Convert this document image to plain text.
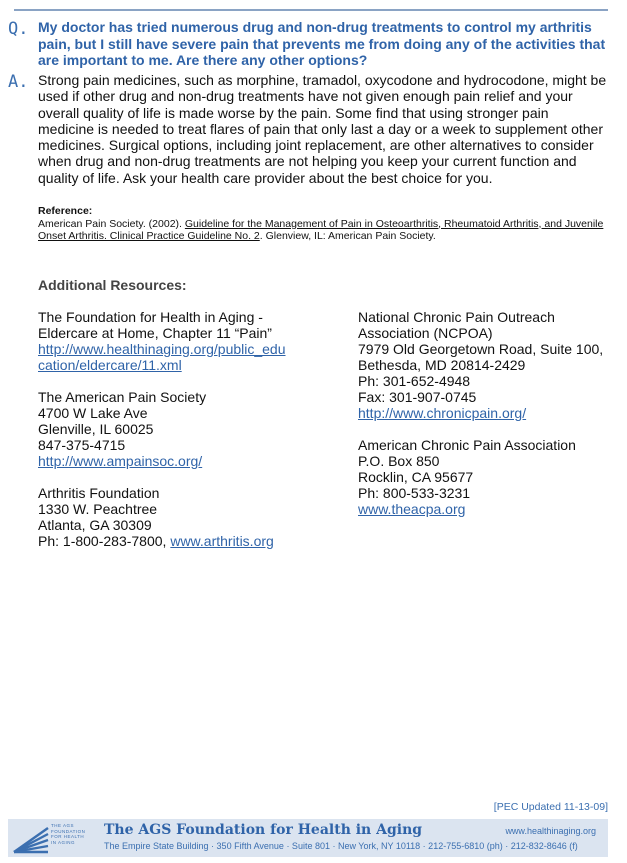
Q. My doctor has tried numerous drug and non-drug treatments to control my arthritis pain, but I still have severe pain that prevents me from doing any of the activities that are important to me. Are there any other options?
A. Strong pain medicines, such as morphine, tramadol, oxycodone and hydrocodone, might be used if other drug and non-drug treatments have not given enough pain relief and your overall quality of life is made worse by the pain. Some find that using stronger pain medicine is needed to treat flares of pain that only last a day or a week to supplement other medicines. Surgical options, including joint replacement, are other alternatives to consider when drug and non-drug treatments are not helping you keep your current function and quality of life. Ask your health care provider about the best choice for you.
Reference:
American Pain Society. (2002). Guideline for the Management of Pain in Osteoarthritis, Rheumatoid Arthritis, and Juvenile Onset Arthritis. Clinical Practice Guideline No. 2. Glenview, IL: American Pain Society.
Additional Resources:

The Foundation for Health in Aging -
Eldercare at Home, Chapter 11 “Pain”
http://www.healthinaging.org/public_edu
cation/eldercare/11.xml

The American Pain Society
4700 W Lake Ave
Glenville, IL 60025
847-375-4715
http://www.ampainsoc.org/

Arthritis Foundation
1330 W. Peachtree
Atlanta, GA 30309
Ph: 1-800-283-7800, www.arthritis.org

National Chronic Pain Outreach
Association (NCPOA)
7979 Old Georgetown Road, Suite 100,
Bethesda, MD 20814-2429
Ph: 301-652-4948
Fax: 301-907-0745
http://www.chronicpain.org/

American Chronic Pain Association
P.O. Box 850
Rocklin, CA 95677
Ph: 800-533-3231
www.theacpa.org

[PEC Updated 11-13-09]
THE AGS
FOUNDATION
FOR HEALTH
IN AGING
The AGS Foundation for Health in Aging
The Empire State Building · 350 Fifth Avenue · Suite 801 · New York, NY 10118 · 212-755-6810 (ph) · 212-832-8646 (f)
www.healthinaging.org
